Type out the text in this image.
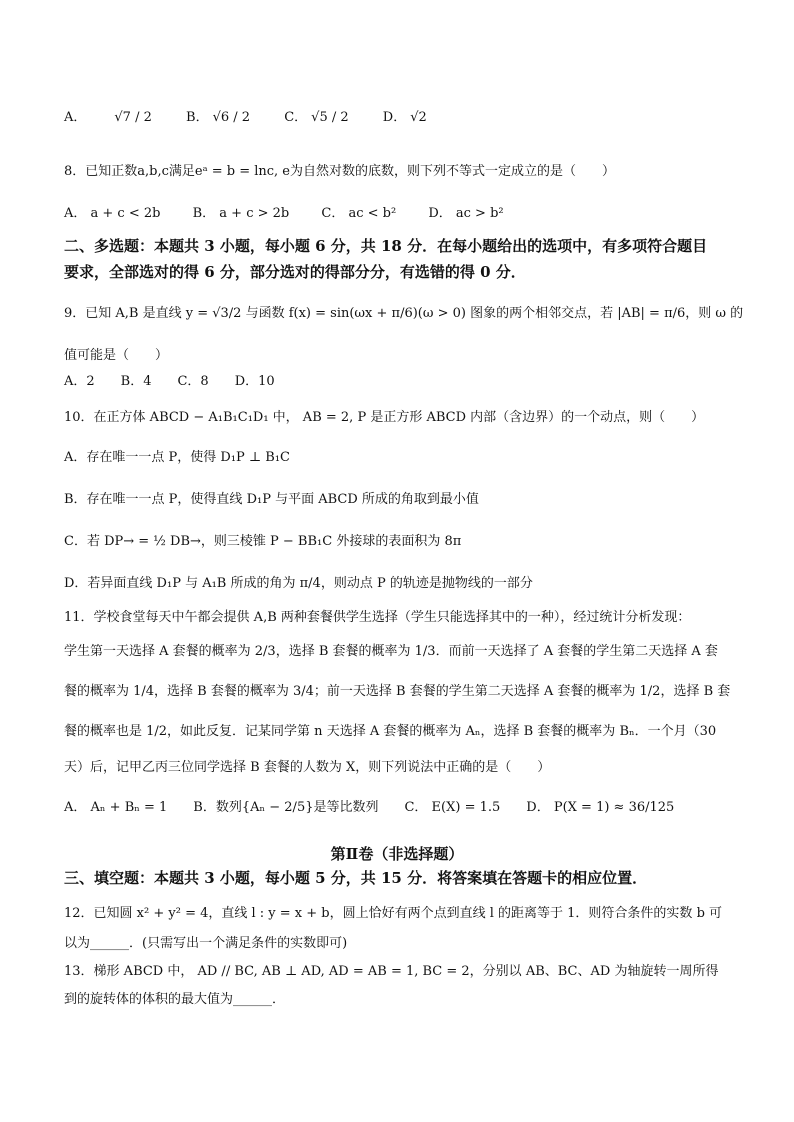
A． √7 / 2	B． √6 / 2	C． √5 / 2	D． √2
8．已知正数a,b,c满足eᵃ = b = lnc, e为自然对数的底数，则下列不等式一定成立的是（　　）
A． a + c < 2b B． a + c > 2b C． ac < b² D． ac > b²
二、多选题：本题共 3 小题，每小题 6 分，共 18 分．在每小题给出的选项中，有多项符合题目
要求，全部选对的得 6 分，部分选对的得部分分，有选错的得 0 分．
9．已知 A,B 是直线 y = √3/2 与函数 f(x) = sin(ωx + π/6)(ω > 0) 图象的两个相邻交点，若 |AB| = π/6，则 ω 的
值可能是（　　）
A．2　　B．4　　C．8　　D．10
10．在正方体 ABCD − A₁B₁C₁D₁ 中， AB = 2, P 是正方形 ABCD 内部（含边界）的一个动点，则（　　）
A．存在唯一一点 P，使得 D₁P ⊥ B₁C
B．存在唯一一点 P，使得直线 D₁P 与平面 ABCD 所成的角取到最小值
C．若 DP→ = ½ DB→，则三棱锥 P − BB₁C 外接球的表面积为 8π
D．若异面直线 D₁P 与 A₁B 所成的角为 π/4，则动点 P 的轨迹是抛物线的一部分
11．学校食堂每天中午都会提供 A,B 两种套餐供学生选择（学生只能选择其中的一种），经过统计分析发现：
学生第一天选择 A 套餐的概率为 2/3，选择 B 套餐的概率为 1/3．而前一天选择了 A 套餐的学生第二天选择 A 套
餐的概率为 1/4，选择 B 套餐的概率为 3/4；前一天选择 B 套餐的学生第二天选择 A 套餐的概率为 1/2，选择 B 套
餐的概率也是 1/2，如此反复．记某同学第 n 天选择 A 套餐的概率为 Aₙ，选择 B 套餐的概率为 Bₙ．一个月（30
天）后，记甲乙丙三位同学选择 B 套餐的人数为 X，则下列说法中正确的是（　　）
A． Aₙ + Bₙ = 1　　B．数列{Aₙ − 2/5}是等比数列　　C． E(X) = 1.5　　D． P(X = 1) ≈ 36/125
第Ⅱ卷（非选择题）
三、填空题：本题共 3 小题，每小题 5 分，共 15 分．将答案填在答题卡的相应位置．
12．已知圆 x² + y² = 4，直线 l : y = x + b，圆上恰好有两个点到直线 l 的距离等于 1．则符合条件的实数 b 可
以为______．(只需写出一个满足条件的实数即可)
13．梯形 ABCD 中， AD // BC, AB ⊥ AD, AD = AB = 1, BC = 2，分别以 AB、BC、AD 为轴旋转一周所得
到的旋转体的体积的最大值为______．
